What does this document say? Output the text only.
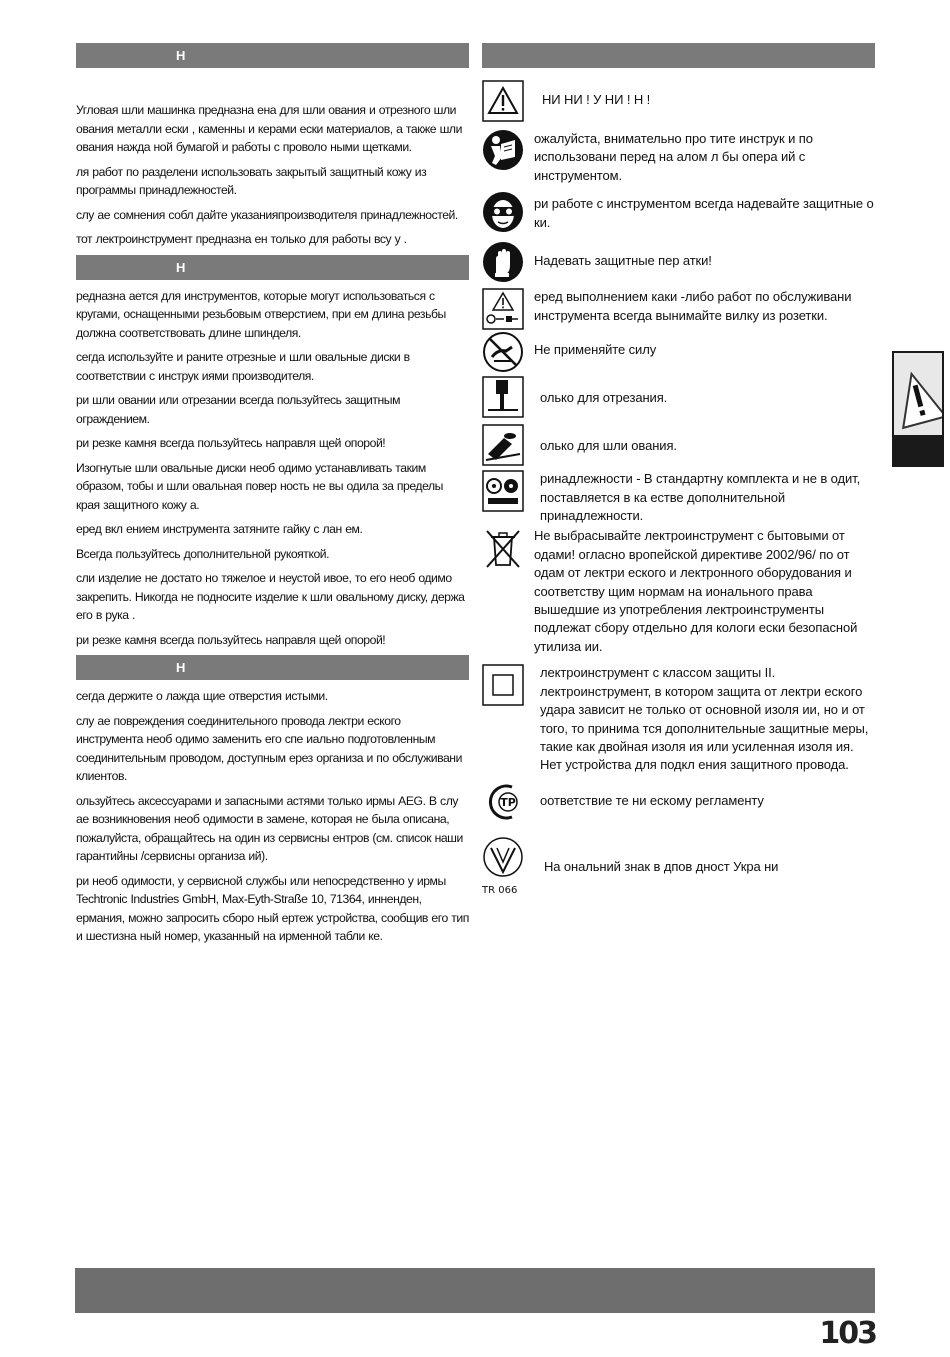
Н

Угловая шли машинка предназна ена для шли ования и отрезного шли ования металли ески , каменны и керами ески материалов, а также шли ования нажда ной бумагой и работы с проволо ными щетками.

ля работ по разделени использовать закрытый защитный кожу из программы принадлежностей.

слу ае сомнения собл дайте указанияпроизводителя принадлежностей.

тот лектроинструмент предназна ен только для работы всу у .

Н

редназна ается для инструментов, которые могут использоваться с кругами, оснащенными резьбовым отверстием, при ем длина резьбы должна соответствовать длине шпинделя.

сегда используйте и раните отрезные и шли овальные диски в соответствии с инструк иями производителя.

ри шли овании или отрезании всегда пользуйтесь защитным ограждением.

ри резке камня всегда пользуйтесь направля щей опорой!

Изогнутые шли овальные диски необ одимо устанавливать таким образом, тобы и шли овальная повер ность не вы одила за пределы края защитного кожу а.

еред вкл ением инструмента затяните гайку с лан ем.

Всегда пользуйтесь дополнительной рукояткой.

сли изделие не достато но тяжелое и неустой ивое, то его необ одимо закрепить. Никогда не подносите изделие к шли овальному диску, держа его в рука .

ри резке камня всегда пользуйтесь направля щей опорой!

Н

сегда держите о лажда щие отверстия истыми.

слу ае повреждения соединительного провода лектри еского инструмента необ одимо заменить его спе иально подготовленным соединительным проводом, доступным ерез организа и по обслуживани клиентов.

ользуйтесь аксессуарами и запасными астями только ирмы AEG. В слу ае возникновения необ одимости в замене, которая не была описана, пожалуйста, обращайтесь на один из сервисны ентров (см. список наши гарантийны /сервисны организа ий).

ри необ одимости, у сервисной службы или непосредственно у ирмы Techtronic Industries GmbH, Max-Eyth-Straße 10, 71364, инненден, ермания, можно запросить сборо ный ертеж устройства, сообщив его тип и шестизна ный номер, указанный на ирменной табли ке.

НИ НИ ! У НИ ! Н !
ожалуйста, внимательно про тите инструк и по использовани перед на алом л бы опера ий с инструментом.
ри работе с инструментом всегда надевайте защитные о ки.
Надевать защитные пер атки!
еред выполнением каки -либо работ по обслуживани инструмента всегда вынимайте вилку из розетки.
Не применяйте силу
олько для отрезания.
олько для шли ования.
ринадлежности - В стандартну комплекта и не в одит, поставляется в ка естве дополнительной принадлежности.
Не выбрасывайте лектроинструмент с бытовыми от одами! огласно вропейской директиве 2002/96/ по от одам от лектри еского и лектронного оборудования и соответству щим нормам на ионального права вышедшие из употребления лектроинструменты подлежат сбору отдельно для кологи ески безопасной утилиза ии.
лектроинструмент с классом защиты II. лектроинструмент, в котором защита от лектри еского удара зависит не только от основной изоля ии, но и от того, то принима тся дополнительные защитные меры, такие как двойная изоля ия или усиленная изоля ия. Нет устройства для подкл ения защитного провода.
TP	оответствие те ни ескому регламенту
TR 066
На ональний знак в дпов дност Укра ни
103
